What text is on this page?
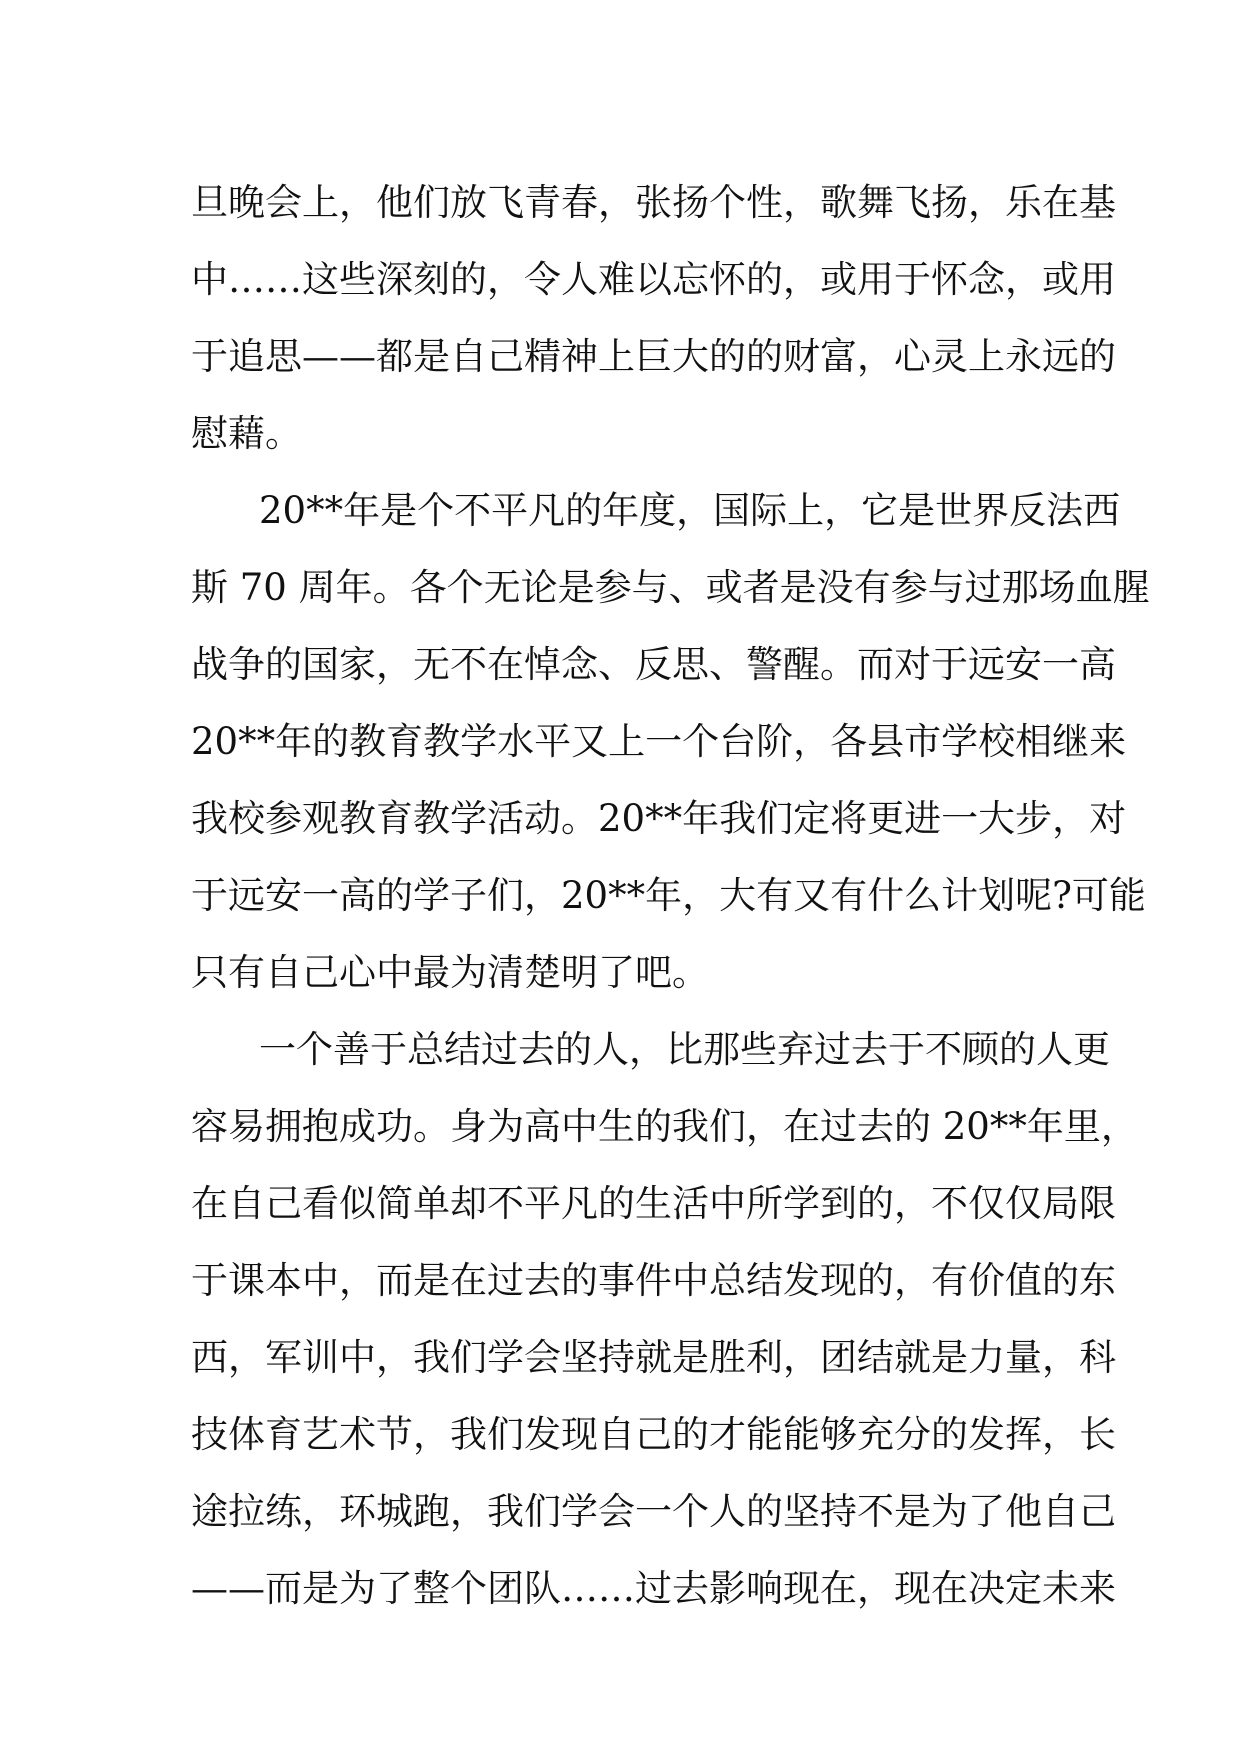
旦晚会上，他们放飞青春，张扬个性，歌舞飞扬，乐在基
中……这些深刻的，令人难以忘怀的，或用于怀念，或用
于追思——都是自己精神上巨大的的财富，心灵上永远的
慰藉。
20**年是个不平凡的年度，国际上，它是世界反法西
斯 70 周年。各个无论是参与、或者是没有参与过那场血腥
战争的国家，无不在悼念、反思、警醒。而对于远安一高
20**年的教育教学水平又上一个台阶，各县市学校相继来
我校参观教育教学活动。20**年我们定将更进一大步，对
于远安一高的学子们，20**年，大有又有什么计划呢?可能
只有自己心中最为清楚明了吧。
一个善于总结过去的人，比那些弃过去于不顾的人更
容易拥抱成功。身为高中生的我们，在过去的 20**年里，
在自己看似简单却不平凡的生活中所学到的，不仅仅局限
于课本中，而是在过去的事件中总结发现的，有价值的东
西，军训中，我们学会坚持就是胜利，团结就是力量，科
技体育艺术节，我们发现自己的才能能够充分的发挥，长
途拉练，环城跑，我们学会一个人的坚持不是为了他自己
——而是为了整个团队……过去影响现在，现在决定未来
